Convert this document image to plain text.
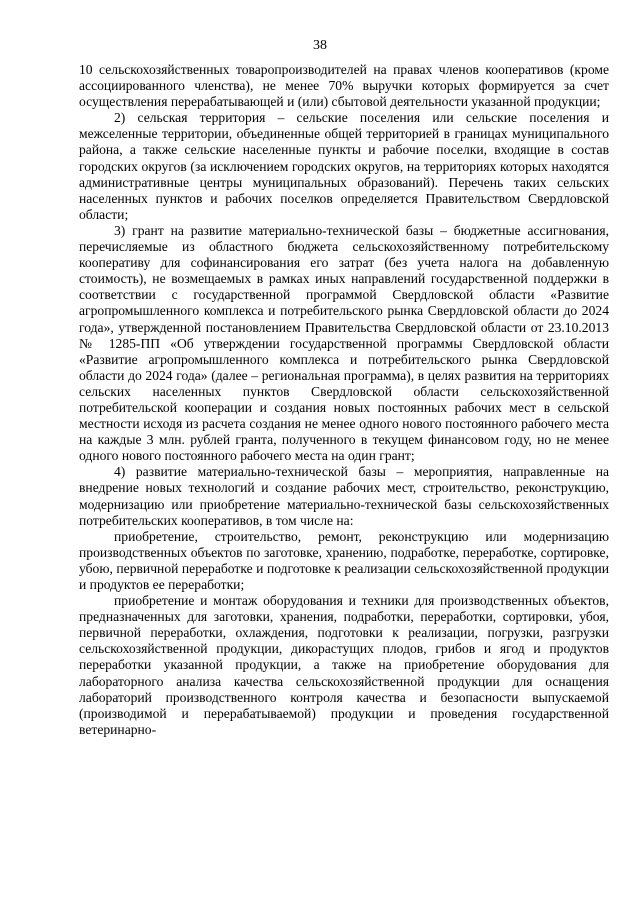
38

10 сельскохозяйственных товаропроизводителей на правах членов кооперативов (кроме ассоциированного членства), не менее 70% выручки которых формируется за счет осуществления перерабатывающей и (или) сбытовой деятельности указанной продукции;

2) сельская территория – сельские поселения или сельские поселения и межселенные территории, объединенные общей территорией в границах муниципального района, а также сельские населенные пункты и рабочие поселки, входящие в состав городских округов (за исключением городских округов, на территориях которых находятся административные центры муниципальных образований). Перечень таких сельских населенных пунктов и рабочих поселков определяется Правительством Свердловской области;

3) грант на развитие материально-технической базы – бюджетные ассигнования, перечисляемые из областного бюджета сельскохозяйственному потребительскому кооперативу для софинансирования его затрат (без учета налога на добавленную стоимость), не возмещаемых в рамках иных направлений государственной поддержки в соответствии с государственной программой Свердловской области «Развитие агропромышленного комплекса и потребительского рынка Свердловской области до 2024 года», утвержденной постановлением Правительства Свердловской области от 23.10.2013 № 1285-ПП «Об утверждении государственной программы Свердловской области «Развитие агропромышленного комплекса и потребительского рынка Свердловской области до 2024 года» (далее – региональная программа), в целях развития на территориях сельских населенных пунктов Свердловской области сельскохозяйственной потребительской кооперации и создания новых постоянных рабочих мест в сельской местности исходя из расчета создания не менее одного нового постоянного рабочего места на каждые 3 млн. рублей гранта, полученного в текущем финансовом году, но не менее одного нового постоянного рабочего места на один грант;

4) развитие материально-технической базы – мероприятия, направленные на внедрение новых технологий и создание рабочих мест, строительство, реконструкцию, модернизацию или приобретение материально-технической базы сельскохозяйственных потребительских кооперативов, в том числе на:

приобретение, строительство, ремонт, реконструкцию или модернизацию производственных объектов по заготовке, хранению, подработке, переработке, сортировке, убою, первичной переработке и подготовке к реализации сельскохозяйственной продукции и продуктов ее переработки;

приобретение и монтаж оборудования и техники для производственных объектов, предназначенных для заготовки, хранения, подработки, переработки, сортировки, убоя, первичной переработки, охлаждения, подготовки к реализации, погрузки, разгрузки сельскохозяйственной продукции, дикорастущих плодов, грибов и ягод и продуктов переработки указанной продукции, а также на приобретение оборудования для лабораторного анализа качества сельскохозяйственной продукции для оснащения лабораторий производственного контроля качества и безопасности выпускаемой (производимой и перерабатываемой) продукции и проведения государственной ветеринарно-
